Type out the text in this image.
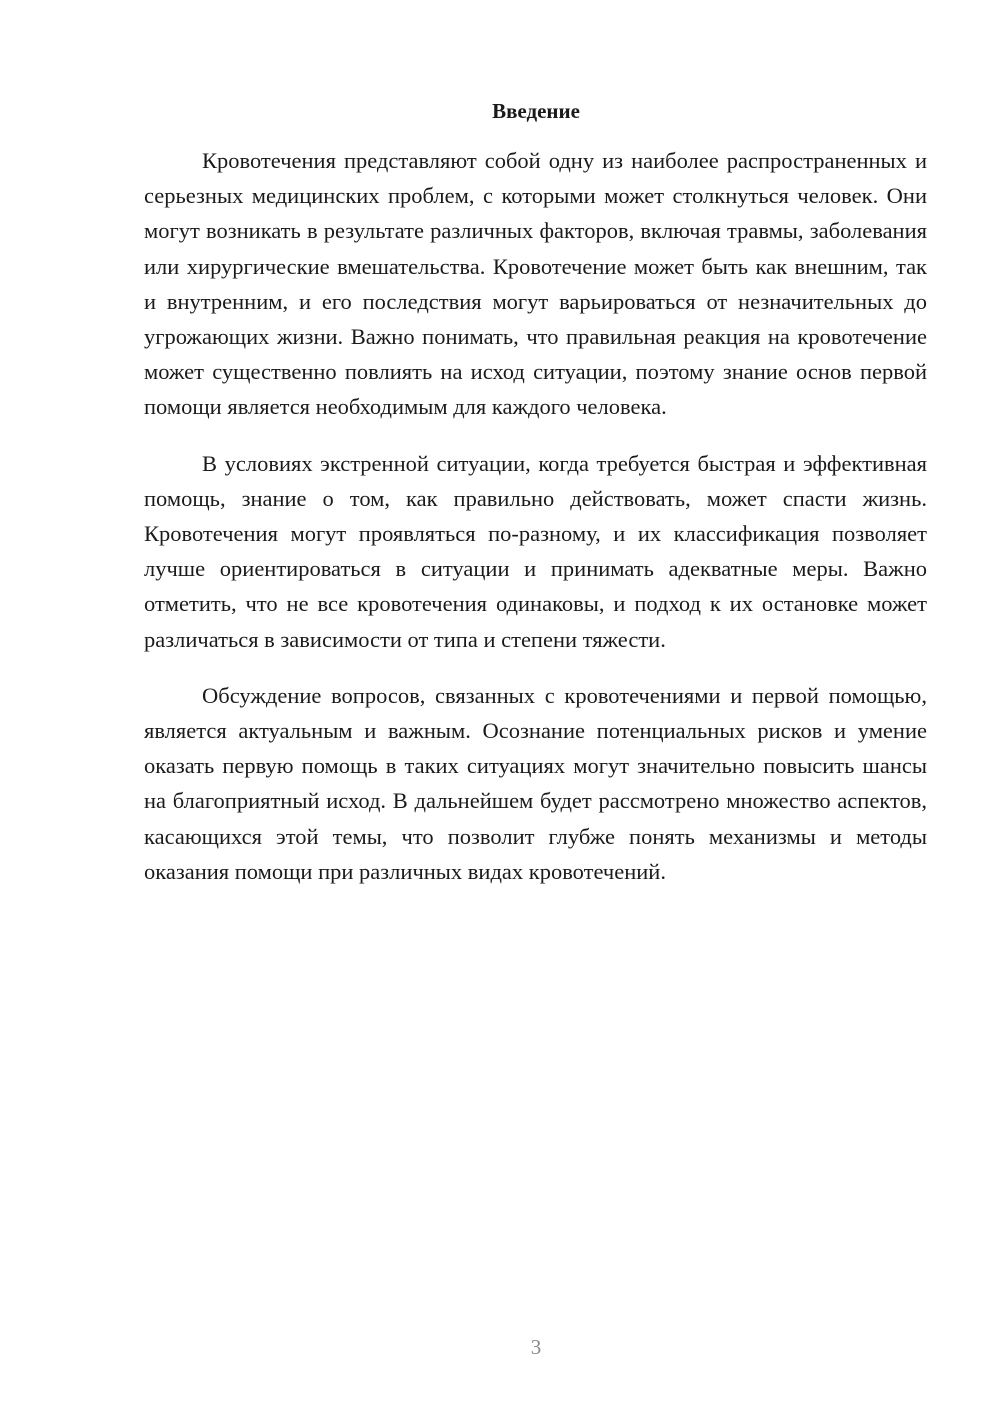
Введение

Кровотечения представляют собой одну из наиболее распространенных и серьезных медицинских проблем, с которыми может столкнуться человек. Они могут возникать в результате различных факторов, включая травмы, заболевания или хирургические вмешательства. Кровотечение может быть как внешним, так и внутренним, и его последствия могут варьироваться от незначительных до угрожающих жизни. Важно понимать, что правильная реакция на кровотечение может существенно повлиять на исход ситуации, поэтому знание основ первой помощи является необходимым для каждого человека.

В условиях экстренной ситуации, когда требуется быстрая и эффективная помощь, знание о том, как правильно действовать, может спасти жизнь. Кровотечения могут проявляться по-разному, и их классификация позволяет лучше ориентироваться в ситуации и принимать адекватные меры. Важно отметить, что не все кровотечения одинаковы, и подход к их остановке может различаться в зависимости от типа и степени тяжести.

Обсуждение вопросов, связанных с кровотечениями и первой помощью, является актуальным и важным. Осознание потенциальных рисков и умение оказать первую помощь в таких ситуациях могут значительно повысить шансы на благоприятный исход. В дальнейшем будет рассмотрено множество аспектов, касающихся этой темы, что позволит глубже понять механизмы и методы оказания помощи при различных видах кровотечений.

3
